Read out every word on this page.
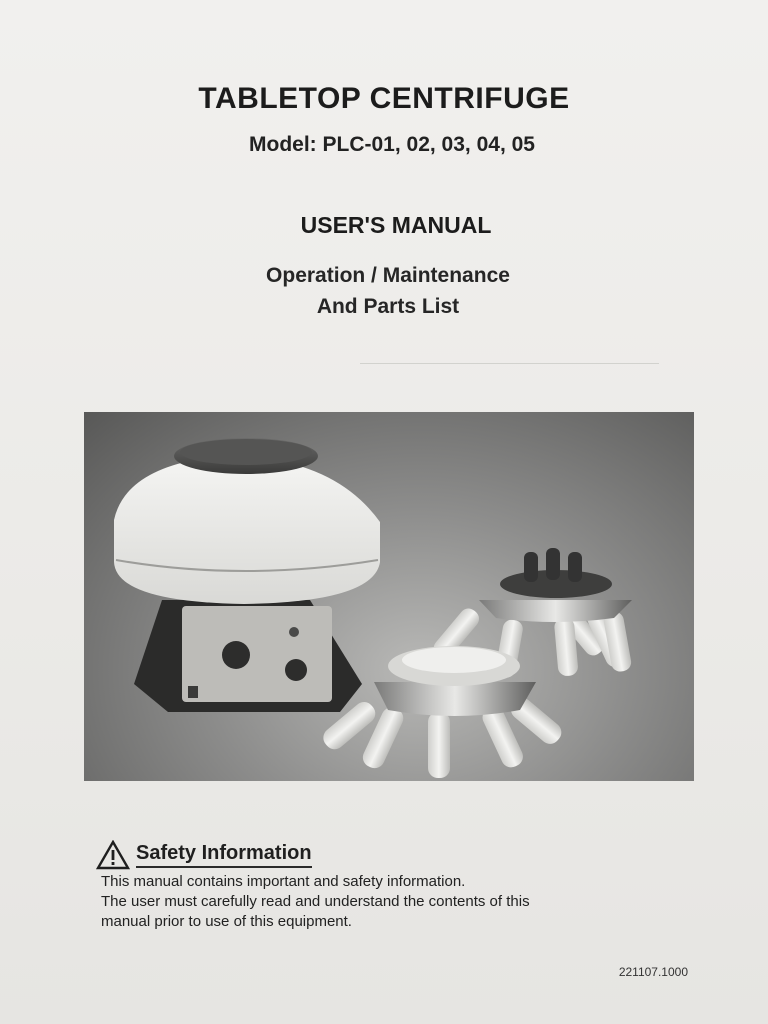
―――――――――――――――――――――――
TABLETOP CENTRIFUGE
Model: PLC-01, 02, 03, 04, 05
USER'S MANUAL
Operation / Maintenance
And Parts List
Safety Information
This manual contains important and safety information.
The user must carefully read and understand the contents of this
manual prior to use of this equipment.
221107.1000
